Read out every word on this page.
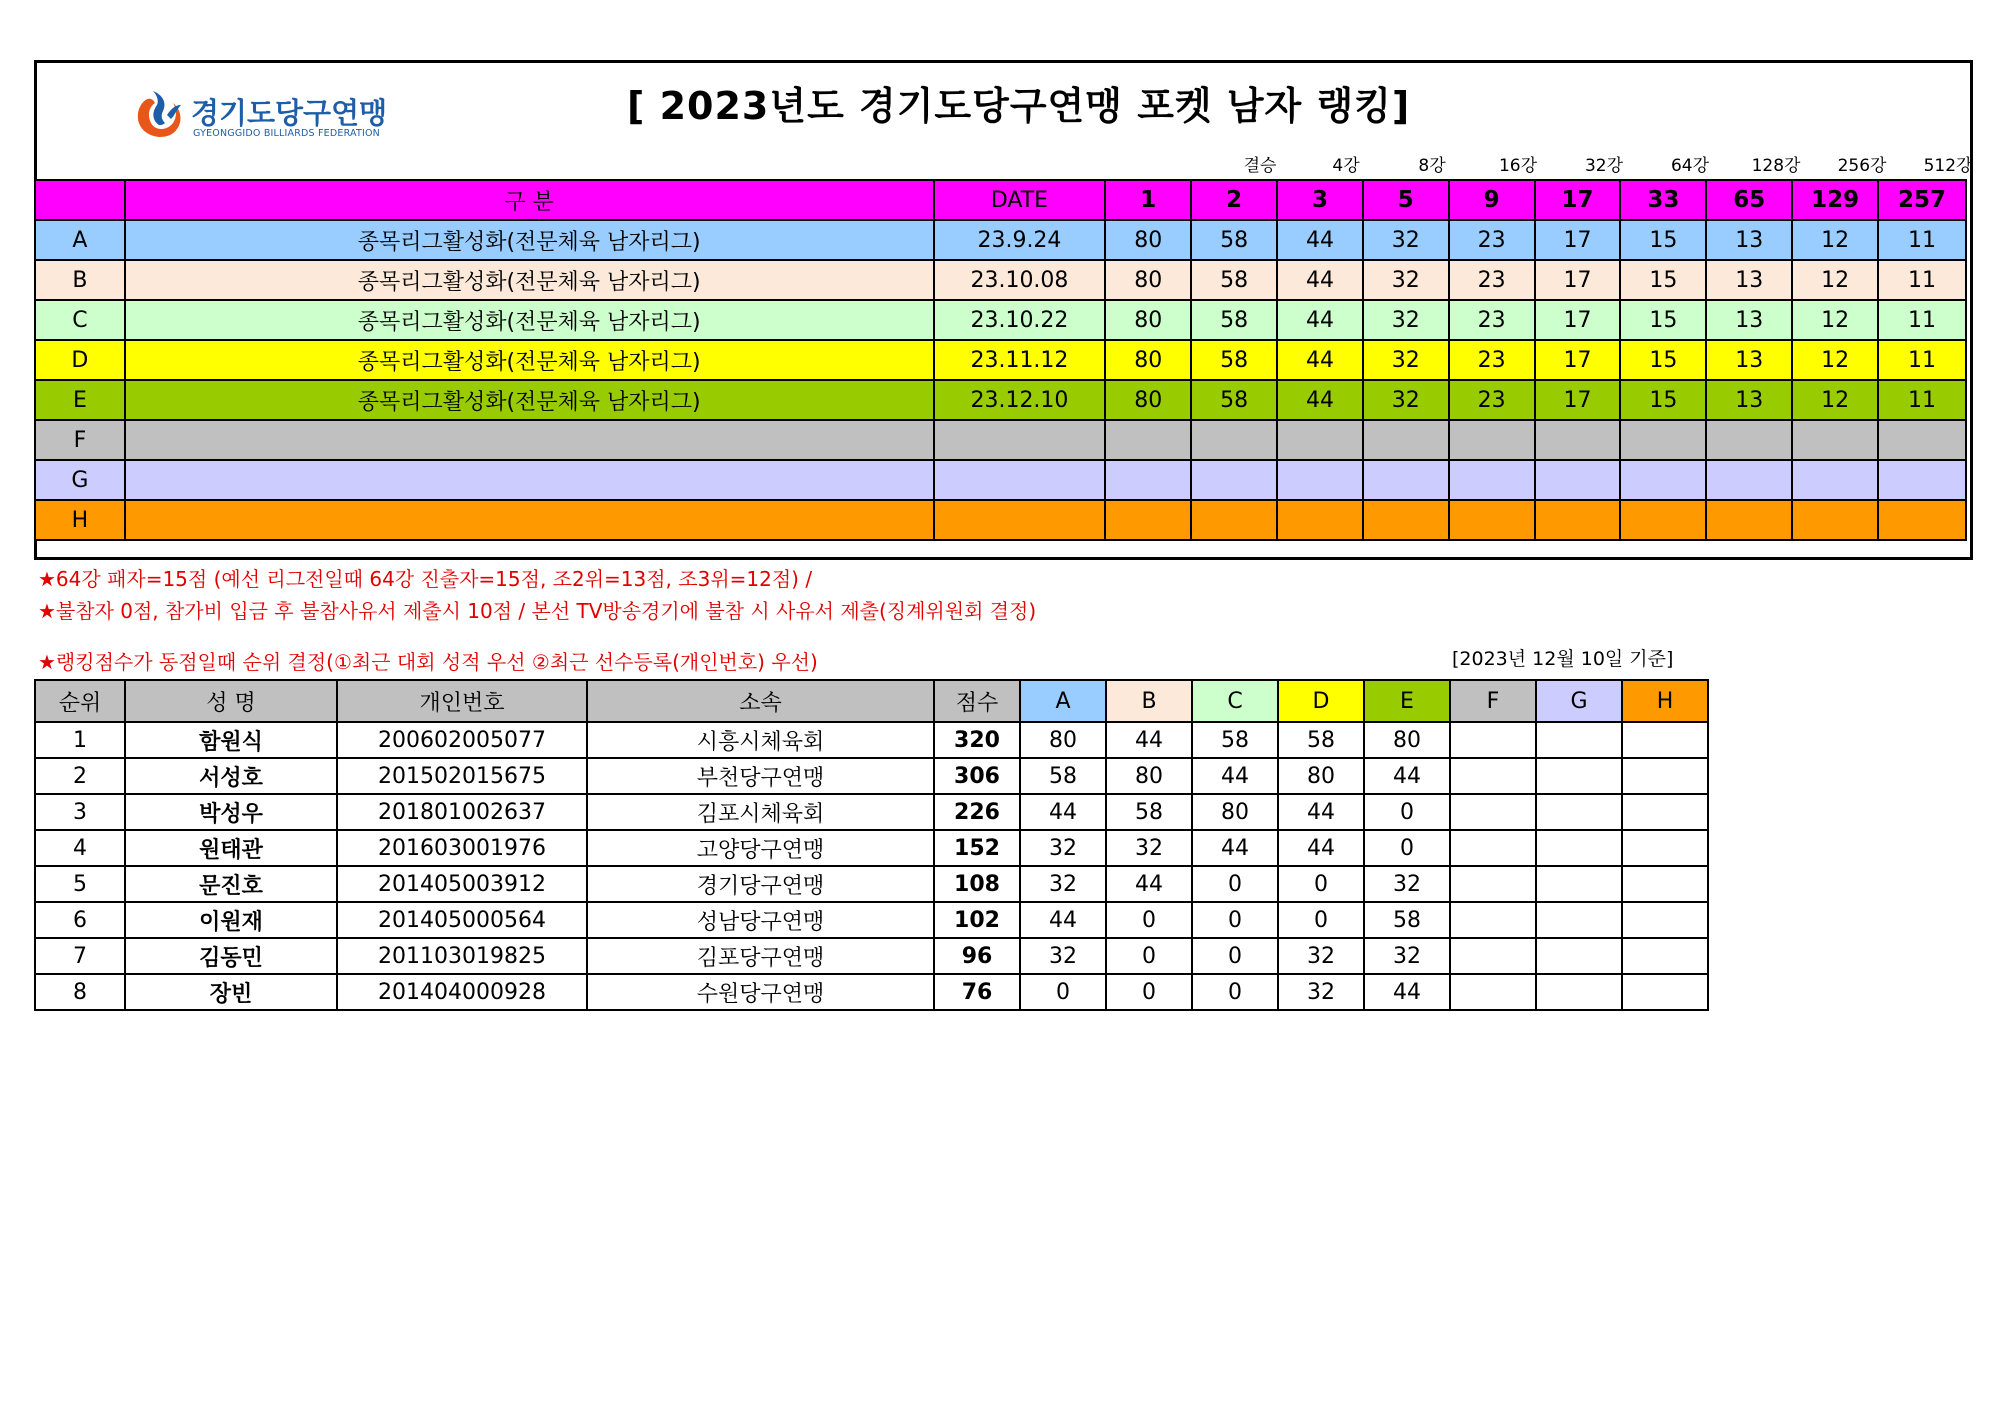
경기도당구연맹
GYEONGGIDO BILLIARDS FEDERATION
[ 2023년도 경기도당구연맹 포켓 남자 랭킹]
결승	4강	8강	16강	32강	64강	128강	256강	512강
	구 분	DATE	1	2	3	5	9	17	33	65	129	257
A	종목리그활성화(전문체육 남자리그)	23.9.24	80	58	44	32	23	17	15	13	12	11
B	종목리그활성화(전문체육 남자리그)	23.10.08	80	58	44	32	23	17	15	13	12	11
C	종목리그활성화(전문체육 남자리그)	23.10.22	80	58	44	32	23	17	15	13	12	11
D	종목리그활성화(전문체육 남자리그)	23.11.12	80	58	44	32	23	17	15	13	12	11
E	종목리그활성화(전문체육 남자리그)	23.12.10	80	58	44	32	23	17	15	13	12	11
F												
G												
H												
★64강 패자=15점 (예선 리그전일때 64강 진출자=15점, 조2위=13점, 조3위=12점) /
★불참자 0점, 참가비 입금 후 불참사유서 제출시 10점 / 본선 TV방송경기에 불참 시 사유서 제출(징계위원회 결정)
★랭킹점수가 동점일때 순위 결정(①최근 대회 성적 우선 ②최근 선수등록(개인번호) 우선)	[2023년 12월 10일 기준]
순위	성 명	개인번호	소속	점수	A	B	C	D	E	F	G	H
1	함원식	200602005077	시흥시체육회	320	80	44	58	58	80			
2	서성호	201502015675	부천당구연맹	306	58	80	44	80	44			
3	박성우	201801002637	김포시체육회	226	44	58	80	44	0			
4	원태관	201603001976	고양당구연맹	152	32	32	44	44	0			
5	문진호	201405003912	경기당구연맹	108	32	44	0	0	32			
6	이원재	201405000564	성남당구연맹	102	44	0	0	0	58			
7	김동민	201103019825	김포당구연맹	96	32	0	0	32	32			
8	장빈	201404000928	수원당구연맹	76	0	0	0	32	44			
